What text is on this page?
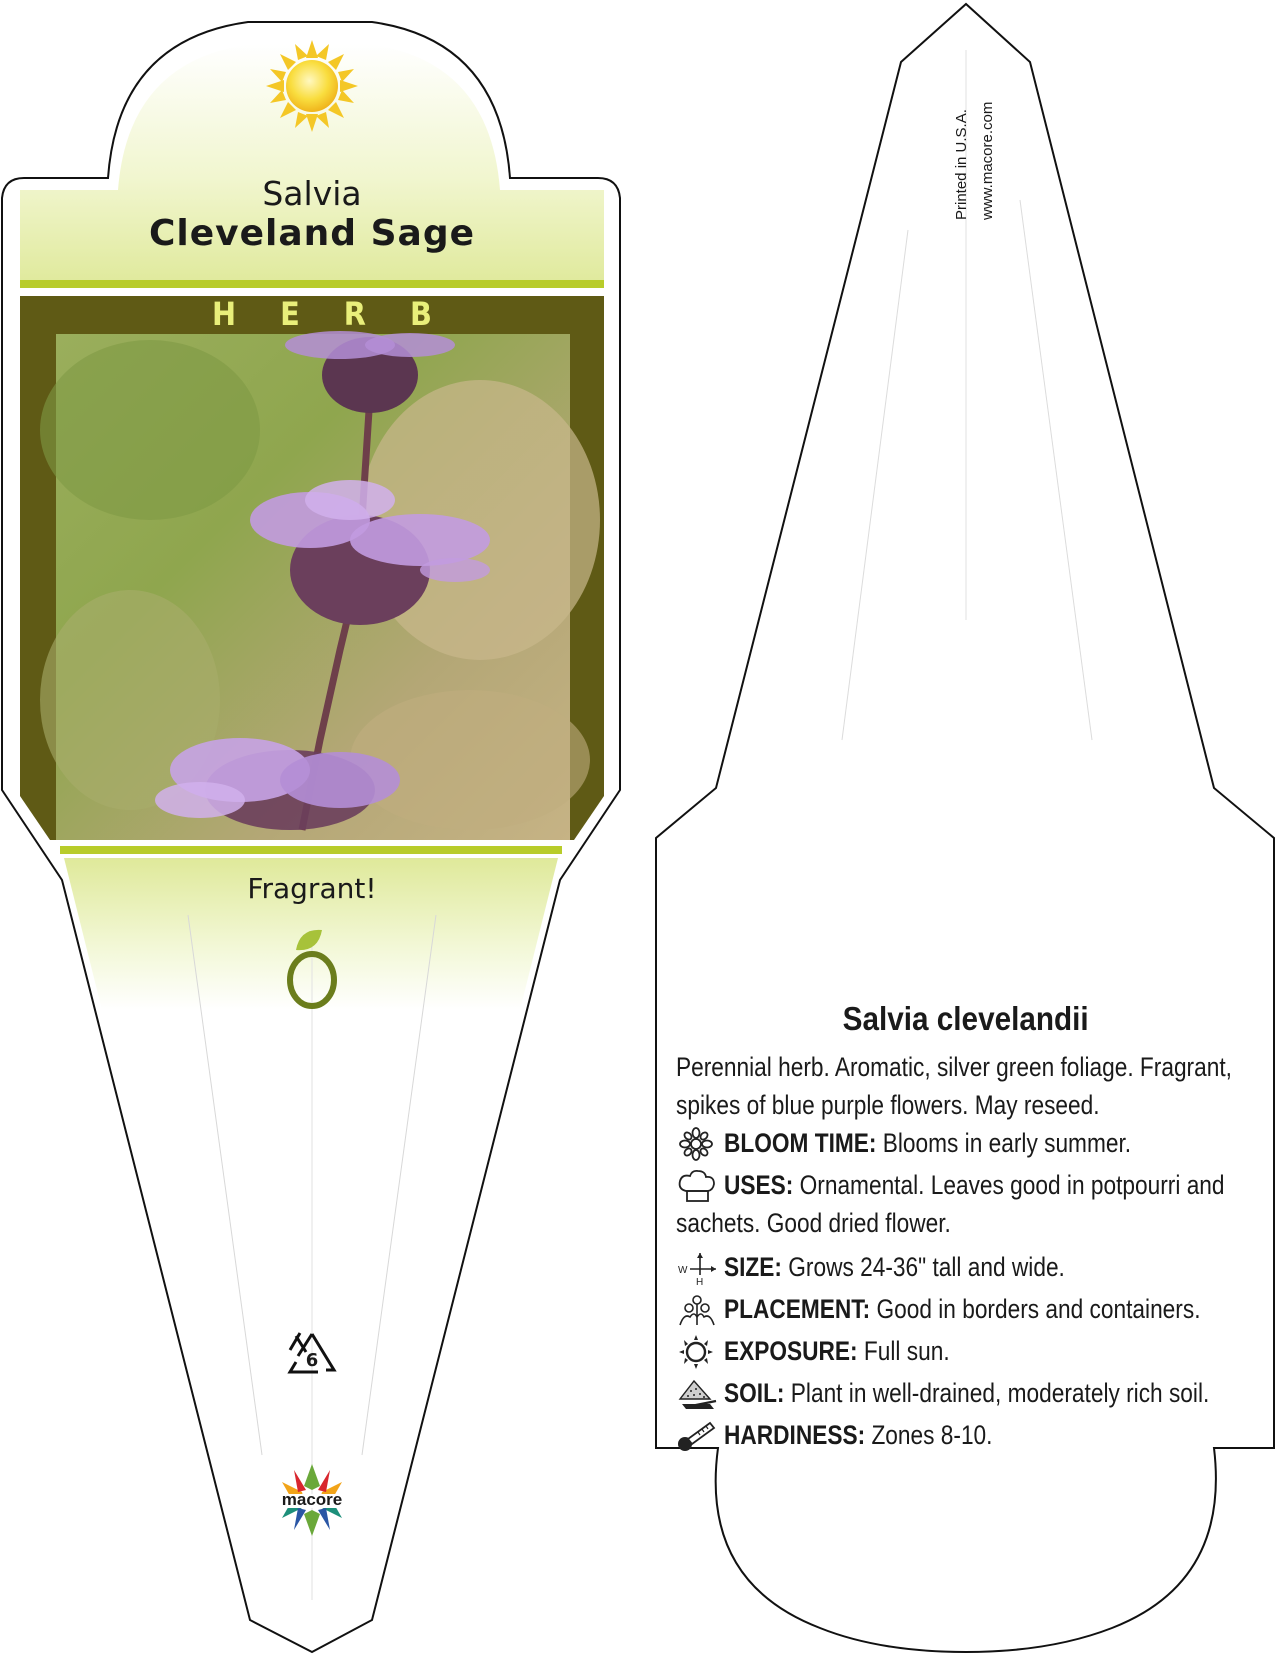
Salvia
Cleveland Sage
HERB
Fragrant!
6
macore
Printed in U.S.A. www.macore.com
Salvia clevelandii
Perennial herb. Aromatic, silver green foliage. Fragrant,
spikes of blue purple flowers. May reseed.
BLOOM TIME: Blooms in early summer.
USES: Ornamental. Leaves good in potpourri and
sachets. Good dried flower.
W
H
SIZE: Grows 24-36" tall and wide.
PLACEMENT: Good in borders and containers.
EXPOSURE: Full sun.
SOIL: Plant in well-drained, moderately rich soil.
HARDINESS: Zones 8-10.
